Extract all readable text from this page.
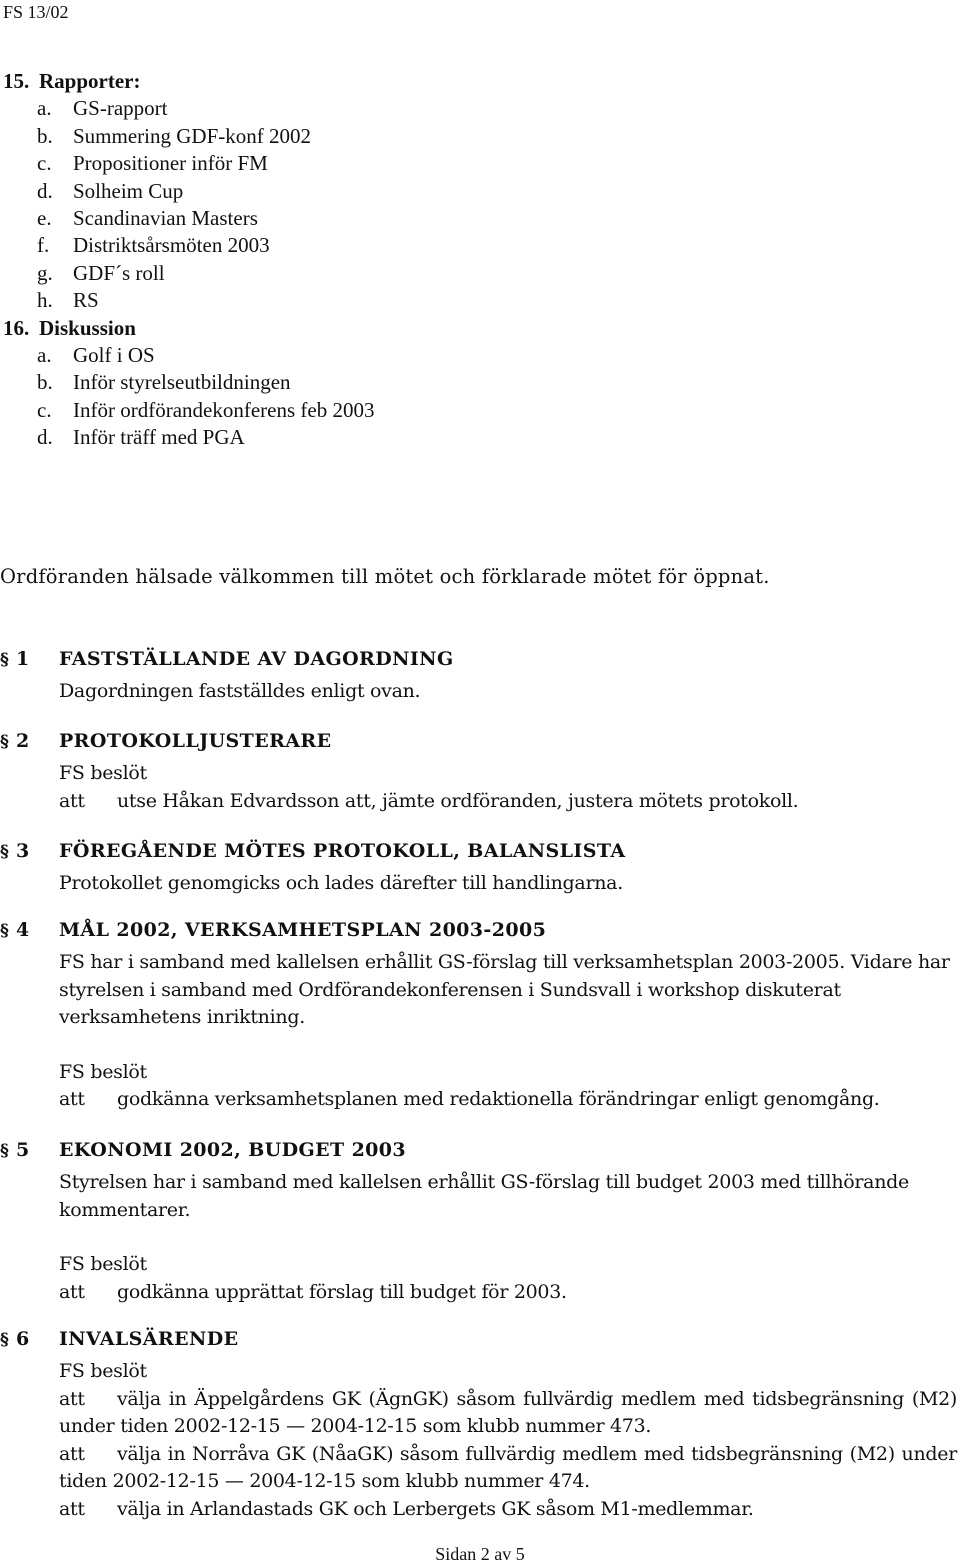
FS 13/02
15. Rapporter:
a.	GS-rapport
b. Summering GDF-konf 2002
c.	Propositioner inför FM
d. Solheim Cup
e.	Scandinavian Masters
f.	Distriktsårsmöten 2003
g. GDF´s roll
h. RS
16. Diskussion
a.	Golf i OS
b. Inför styrelseutbildningen
c.	Inför ordförandekonferens feb 2003
d. Inför träff med PGA
Ordföranden hälsade välkommen till mötet och förklarade mötet för öppnat.
§ 1 FASTSTÄLLANDE AV DAGORDNING
Dagordningen fastställdes enligt ovan.
§ 2 PROTOKOLLJUSTERARE
FS beslöt
att	utse Håkan Edvardsson att, jämte ordföranden, justera mötets protokoll.
§ 3 FÖREGÅENDE MÖTES PROTOKOLL, BALANSLISTA
Protokollet genomgicks och lades därefter till handlingarna.
§ 4 MÅL 2002, VERKSAMHETSPLAN 2003-2005
FS har i samband med kallelsen erhållit GS-förslag till verksamhetsplan 2003-2005. Vidare har styrelsen i samband med Ordförandekonferensen i Sundsvall i workshop diskuterat verksamhetens inriktning.
FS beslöt
att	godkänna verksamhetsplanen med redaktionella förändringar enligt genomgång.
§ 5 EKONOMI 2002, BUDGET 2003
Styrelsen har i samband med kallelsen erhållit GS-förslag till budget 2003 med tillhörande kommentarer.
FS beslöt
att	godkänna upprättat förslag till budget för 2003.
§ 6 INVALSÄRENDE
FS beslöt
att välja in Äppelgårdens GK (ÄgnGK) såsom fullvärdig medlem med tidsbegränsning (M2) under tiden 2002-12-15 — 2004-12-15 som klubb nummer 473.
att välja in Norråva GK (NåaGK) såsom fullvärdig medlem med tidsbegränsning (M2) under tiden 2002-12-15 — 2004-12-15 som klubb nummer 474.
att välja in Arlandastads GK och Lerbergets GK såsom M1-medlemmar.
Sidan 2 av 5
